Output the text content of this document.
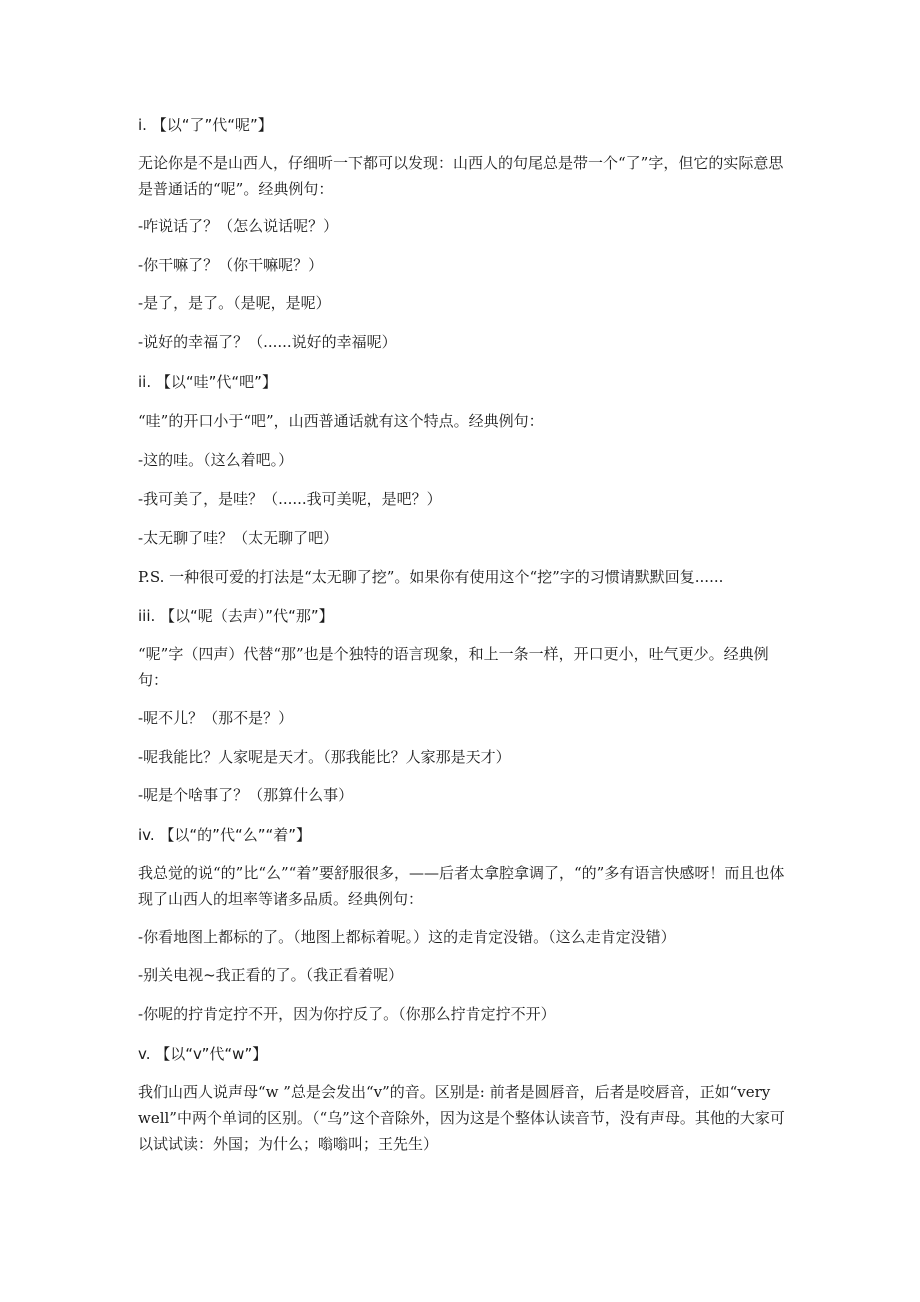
i. 【以“了”代“呢”】
无论你是不是山西人，仔细听一下都可以发现：山西人的句尾总是带一个“了”字，但它的实际意思是普通话的“呢”。经典例句：
-咋说话了？（怎么说话呢？）
-你干嘛了？（你干嘛呢？）
-是了，是了。（是呢，是呢）
-说好的幸福了？（......说好的幸福呢）
ii. 【以“哇”代“吧”】
“哇”的开口小于“吧”，山西普通话就有这个特点。经典例句：
-这的哇。（这么着吧。）
-我可美了，是哇？（......我可美呢，是吧？）
-太无聊了哇？（太无聊了吧）
P.S. 一种很可爱的打法是“太无聊了挖”。如果你有使用这个“挖”字的习惯请默默回复......
iii. 【以“呢（去声）”代“那”】
“呢”字（四声）代替“那”也是个独特的语言现象，和上一条一样，开口更小，吐气更少。经典例句：
-呢不儿？（那不是？）
-呢我能比？人家呢是天才。（那我能比？人家那是天才）
-呢是个啥事了？（那算什么事）
iv. 【以“的”代“么”“着”】
我总觉的说“的”比“么”“着”要舒服很多，——后者太拿腔拿调了，“的”多有语言快感呀！而且也体现了山西人的坦率等诸多品质。经典例句：
-你看地图上都标的了。（地图上都标着呢。）这的走肯定没错。（这么走肯定没错）
-别关电视~我正看的了。（我正看着呢）
-你呢的拧肯定拧不开，因为你拧反了。（你那么拧肯定拧不开）
v. 【以“v”代“w”】
我们山西人说声母“w ”总是会发出“v”的音。区别是: 前者是圆唇音，后者是咬唇音，正如“very well”中两个单词的区别。（“乌”这个音除外，因为这是个整体认读音节，没有声母。其他的大家可以试试读：外国；为什么；嗡嗡叫；王先生）
